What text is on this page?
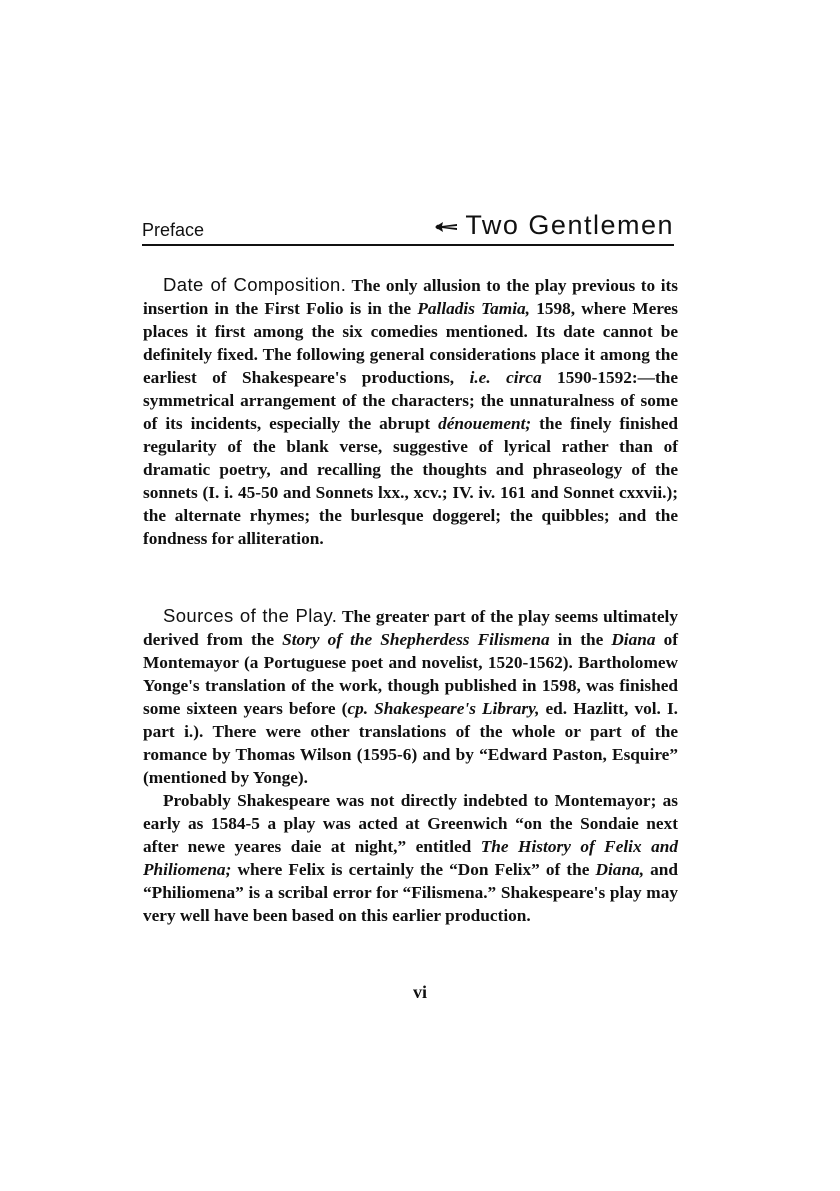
Preface	Two Gentlemen

Date of Composition. The only allusion to the play previous to its insertion in the First Folio is in the Palladis Tamia, 1598, where Meres places it first among the six comedies mentioned. Its date cannot be definitely fixed. The following general considerations place it among the earliest of Shakespeare's productions, i.e. circa 1590-1592:—the symmetrical arrangement of the characters; the unnaturalness of some of its incidents, especially the abrupt dénouement; the finely finished regularity of the blank verse, suggestive of lyrical rather than of dramatic poetry, and recalling the thoughts and phraseology of the sonnets (I. i. 45-50 and Sonnets lxx., xcv.; IV. iv. 161 and Sonnet cxxvii.); the alternate rhymes; the burlesque doggerel; the quibbles; and the fondness for alliteration.

Sources of the Play. The greater part of the play seems ultimately derived from the Story of the Shepherdess Filismena in the Diana of Montemayor (a Portuguese poet and novelist, 1520-1562). Bartholomew Yonge's translation of the work, though published in 1598, was finished some sixteen years before (cp. Shakespeare's Library, ed. Hazlitt, vol. I. part i.). There were other translations of the whole or part of the romance by Thomas Wilson (1595-6) and by “Edward Paston, Esquire” (mentioned by Yonge).

Probably Shakespeare was not directly indebted to Montemayor; as early as 1584-5 a play was acted at Greenwich “on the Sondaie next after newe yeares daie at night,” entitled The History of Felix and Philiomena; where Felix is certainly the “Don Felix” of the Diana, and “Philiomena” is a scribal error for “Filismena.” Shakespeare's play may very well have been based on this earlier production.

vi
